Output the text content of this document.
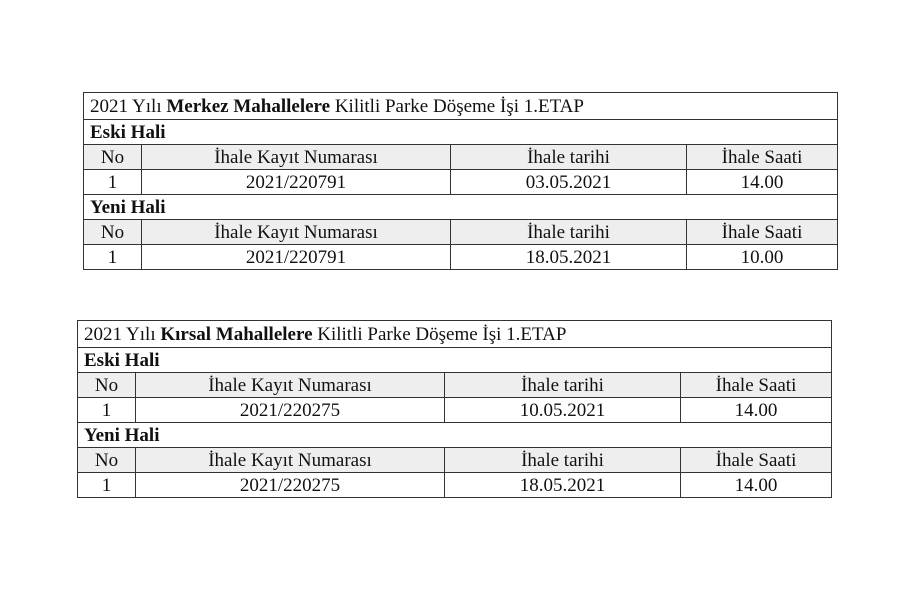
2021 Yılı Merkez Mahallelere Kilitli Parke Döşeme İşi 1.ETAP			
Eski Hali			
No	İhale Kayıt Numarası	İhale tarihi	İhale Saati
1	2021/220791	03.05.2021	14.00
Yeni Hali			
No	İhale Kayıt Numarası	İhale tarihi	İhale Saati
1	2021/220791	18.05.2021	10.00
2021 Yılı Kırsal Mahallelere Kilitli Parke Döşeme İşi 1.ETAP			
Eski Hali			
No	İhale Kayıt Numarası	İhale tarihi	İhale Saati
1	2021/220275	10.05.2021	14.00
Yeni Hali			
No	İhale Kayıt Numarası	İhale tarihi	İhale Saati
1	2021/220275	18.05.2021	14.00
